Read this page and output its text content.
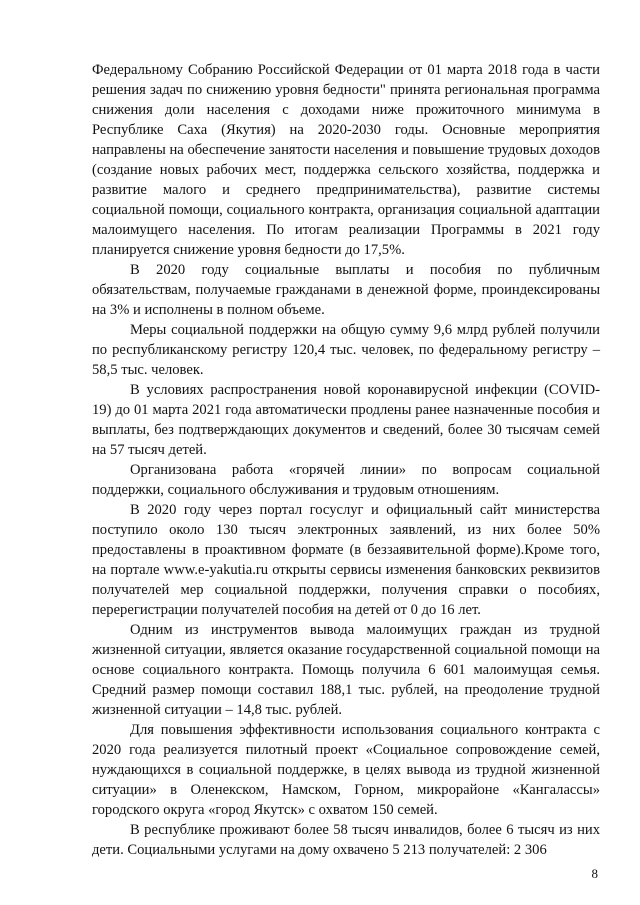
Федеральному Собранию Российской Федерации от 01 марта 2018 года в части решения задач по снижению уровня бедности" принята региональная программа снижения доли населения с доходами ниже прожиточного минимума в Республике Саха (Якутия) на 2020-2030 годы. Основные мероприятия направлены на обеспечение занятости населения и повышение трудовых доходов (создание новых рабочих мест, поддержка сельского хозяйства, поддержка и развитие малого и среднего предпринимательства), развитие системы социальной помощи, социального контракта, организация социальной адаптации малоимущего населения. По итогам реализации Программы в 2021 году планируется снижение уровня бедности до 17,5%.

В 2020 году социальные выплаты и пособия по публичным обязательствам, получаемые гражданами в денежной форме, проиндексированы на 3% и исполнены в полном объеме.

Меры социальной поддержки на общую сумму 9,6 млрд рублей получили по республиканскому регистру 120,4 тыс. человек, по федеральному регистру – 58,5 тыс. человек.

В условиях распространения новой коронавирусной инфекции (COVID-19) до 01 марта 2021 года автоматически продлены ранее назначенные пособия и выплаты, без подтверждающих документов и сведений, более 30 тысячам семей на 57 тысяч детей.

Организована работа «горячей линии» по вопросам социальной поддержки, социального обслуживания и трудовым отношениям.

В 2020 году через портал госуслуг и официальный сайт министерства поступило около 130 тысяч электронных заявлений, из них более 50% предоставлены в проактивном формате (в беззаявительной форме).Кроме того, на портале www.e-yakutia.ru открыты сервисы изменения банковских реквизитов получателей мер социальной поддержки, получения справки о пособиях, перерегистрации получателей пособия на детей от 0 до 16 лет.

Одним из инструментов вывода малоимущих граждан из трудной жизненной ситуации, является оказание государственной социальной помощи на основе социального контракта. Помощь получила 6 601 малоимущая семья. Средний размер помощи составил 188,1 тыс. рублей, на преодоление трудной жизненной ситуации – 14,8 тыс. рублей.

Для повышения эффективности использования социального контракта с 2020 года реализуется пилотный проект «Социальное сопровождение семей, нуждающихся в социальной поддержке, в целях вывода из трудной жизненной ситуации» в Оленекском, Намском, Горном, микрорайоне «Кангалассы» городского округа «город Якутск» с охватом 150 семей.

В республике проживают более 58 тысяч инвалидов, более 6 тысяч из них дети. Социальными услугами на дому охвачено 5 213 получателей: 2 306

8
